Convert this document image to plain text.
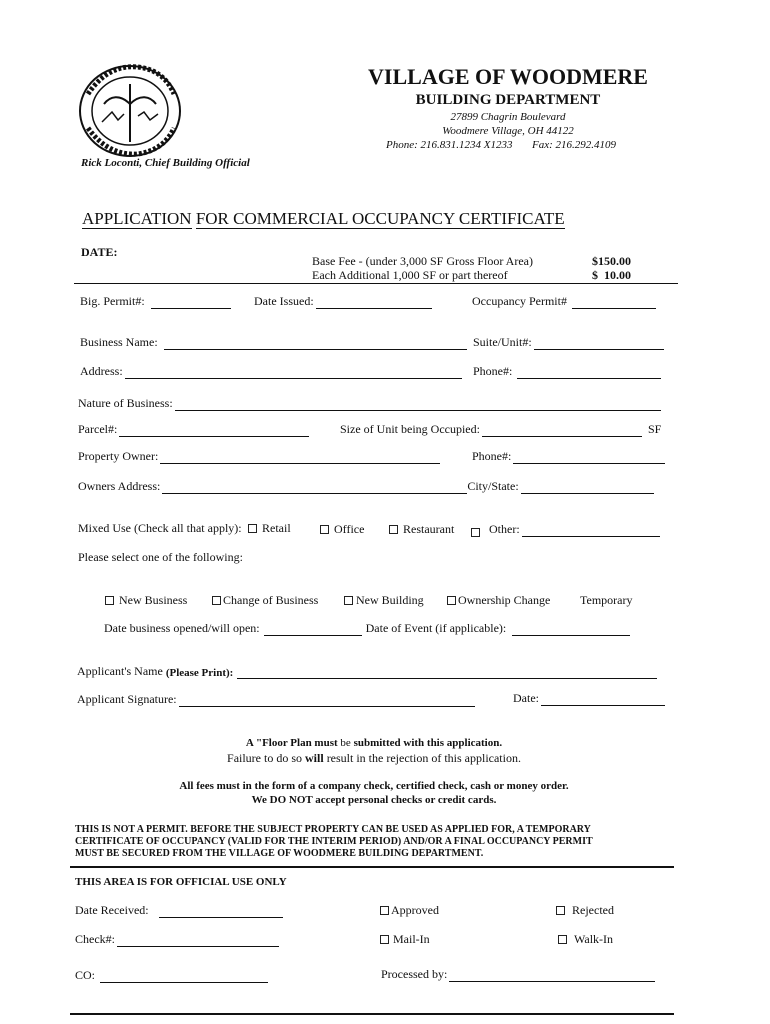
VILLAGE OF WOODMERE
BUILDING DEPARTMENT
27899 Chagrin Boulevard
Woodmere Village, OH 44122
Phone: 216.831.1234 X1233 Fax: 216.292.4109
Rick Loconti, Chief Building Official
APPLICATION FOR COMMERCIAL OCCUPANCY CERTIFICATE
DATE:
Base Fee - (under 3,000 SF Gross Floor Area)	$150.00
Each Additional 1,000 SF or part thereof	$  10.00
Big. Permit#:	Date Issued:	Occupancy Permit#
Business Name:	Suite/Unit#:
Address:	Phone#:
Nature of Business:
Parcel#:	Size of Unit being Occupied:	SF
Property Owner:	Phone#:
Owners Address:	City/State:
Mixed Use (Check all that apply):	Retail	Office	Restaurant	Other:
Please select one of the following:
New Business	Change of Business	New Building	Ownership Change Temporary
Date business opened/will open:	Date of Event (if applicable):
Applicant's Name (Please Print):
Applicant Signature:	Date:
A "Floor Plan must be submitted with this application.
Failure to do so will result in the rejection of this application.
All fees must in the form of a company check, certified check, cash or money order.
We DO NOT accept personal checks or credit cards.
THIS IS NOT A PERMIT. BEFORE THE SUBJECT PROPERTY CAN BE USED AS APPLIED FOR, A TEMPORARY
CERTIFICATE OF OCCUPANCY (VALID FOR THE INTERIM PERIOD) AND/OR A FINAL OCCUPANCY PERMIT
MUST BE SECURED FROM THE VILLAGE OF WOODMERE BUILDING DEPARTMENT.
THIS AREA IS FOR OFFICIAL USE ONLY
Date Received:	Approved	Rejected
Check#:	Mail-In	Walk-In
CO:	Processed by:
